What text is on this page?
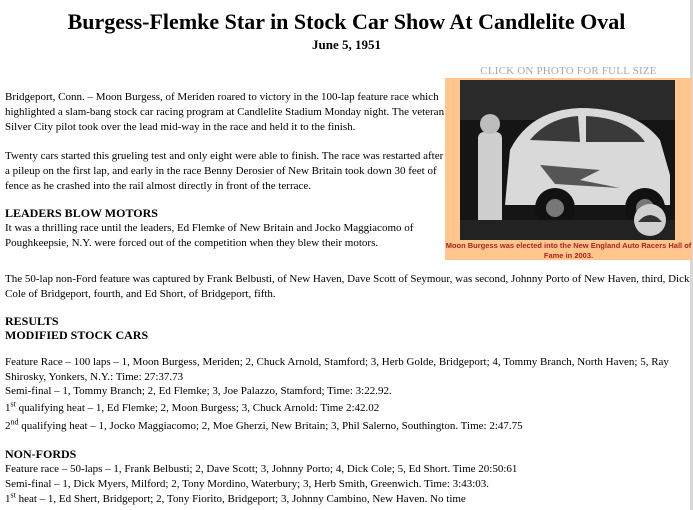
Burgess-Flemke Star in Stock Car Show At Candlelite Oval
June 5, 1951
CLICK ON PHOTO FOR FULL SIZE
Moon Burgess was elected into the New England Auto Racers Hall of Fame in 2003.
Bridgeport, Conn. – Moon Burgess, of Meriden roared to victory in the 100-lap feature race which highlighted a slam-bang stock car racing program at Candlelite Stadium Monday night. The veteran Silver City pilot took over the lead mid-way in the race and held it to the finish.
Twenty cars started this grueling test and only eight were able to finish. The race was restarted after a pileup on the first lap, and early in the race Benny Derosier of New Britain took down 30 feet of fence as he crashed into the rail almost directly in front of the terrace.
LEADERS BLOW MOTORS
It was a thrilling race until the leaders, Ed Flemke of New Britain and Jocko Maggiacomo of Poughkeepsie, N.Y. were forced out of the competition when they blew their motors.
The 50-lap non-Ford feature was captured by Frank Belbusti, of New Haven, Dave Scott of Seymour, was second, Johnny Porto of New Haven, third, Dick Cole of Bridgeport, fourth, and Ed Short, of Bridgeport, fifth.
RESULTS
MODIFIED STOCK CARS
Feature Race – 100 laps – 1, Moon Burgess, Meriden; 2, Chuck Arnold, Stamford; 3, Herb Golde, Bridgeport; 4, Tommy Branch, North Haven; 5, Ray Shirosky, Yonkers, N.Y.: Time: 27:37.73
Semi-final – 1, Tommy Branch; 2, Ed Flemke; 3, Joe Palazzo, Stamford; Time: 3:22.92.
1st qualifying heat – 1, Ed Flemke; 2, Moon Burgess; 3, Chuck Arnold: Time 2:42.02
2nd qualifying heat – 1, Jocko Maggiacomo; 2, Moe Gherzi, New Britain; 3, Phil Salerno, Southington. Time: 2:47.75
NON-FORDS
Feature race – 50-laps – 1, Frank Belbusti; 2, Dave Scott; 3, Johnny Porto; 4, Dick Cole; 5, Ed Short. Time 20:50:61
Semi-final – 1, Dick Myers, Milford; 2, Tony Mordino, Waterbury; 3, Herb Smith, Greenwich. Time: 3:43:03.
1st heat – 1, Ed Shert, Bridgeport; 2, Tony Fiorito, Bridgeport; 3, Johnny Cambino, New Haven. No time
